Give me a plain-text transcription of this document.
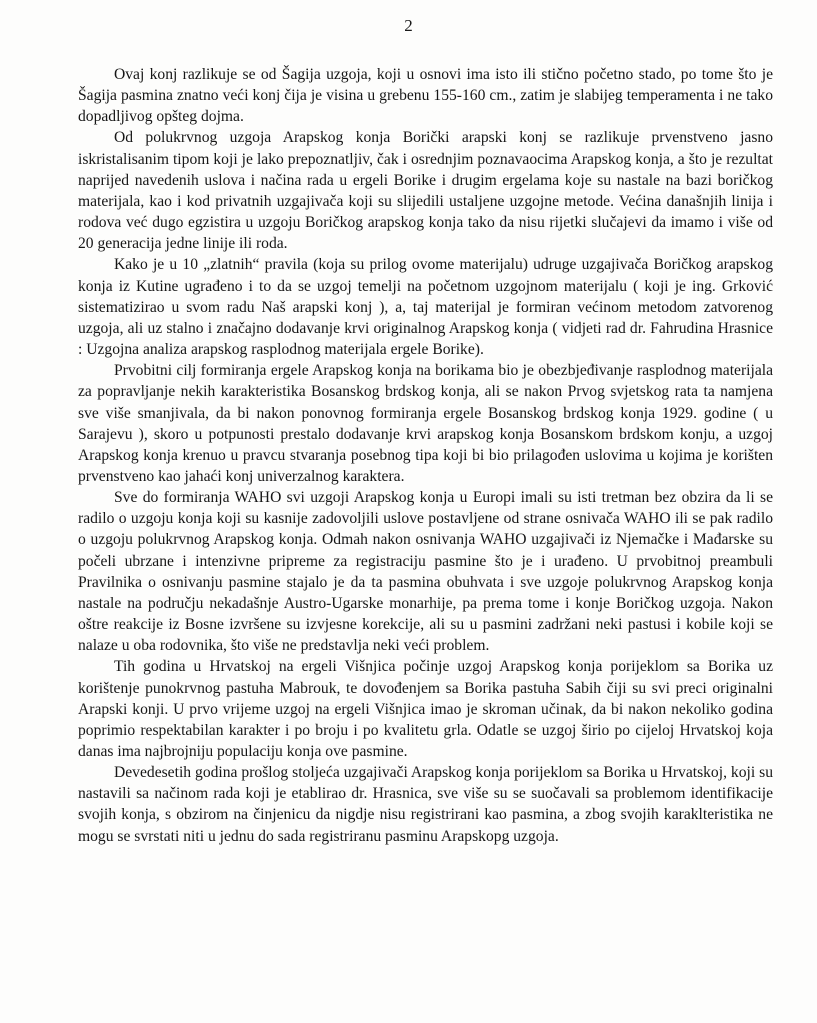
2

Ovaj konj razlikuje se od Šagija uzgoja, koji u osnovi ima isto ili stično početno stado, po tome što je Šagija pasmina znatno veći konj čija je visina u grebenu 155-160 cm., zatim je slabijeg temperamenta i ne tako dopadljivog opšteg dojma.

Od polukrvnog uzgoja Arapskog konja Borički arapski konj se razlikuje prvenstveno jasno iskristalisanim tipom koji je lako prepoznatljiv, čak i osrednjim poznavaocima Arapskog konja, a što je rezultat naprijed navedenih uslova i načina rada u ergeli Borike i drugim ergelama koje su nastale na bazi boričkog materijala, kao i kod privatnih uzgajivača koji su slijedili ustaljene uzgojne metode. Većina današnjih linija i rodova već dugo egzistira u uzgoju Boričkog arapskog konja tako da nisu rijetki slučajevi da imamo i više od 20 generacija jedne linije ili roda.

Kako je u 10 „zlatnih“ pravila (koja su prilog ovome materijalu) udruge uzgajivača Boričkog arapskog konja iz Kutine ugrađeno i to da se uzgoj temelji na početnom uzgojnom materijalu ( koji je ing. Grković sistematizirao u svom radu Naš arapski konj ), a, taj materijal je formiran većinom metodom zatvorenog uzgoja, ali uz stalno i značajno dodavanje krvi originalnog Arapskog konja ( vidjeti rad dr. Fahrudina Hrasnice : Uzgojna analiza arapskog rasplodnog materijala ergele Borike).

Prvobitni cilj formiranja ergele Arapskog konja na borikama bio je obezbjeđivanje rasplodnog materijala za popravljanje nekih karakteristika Bosanskog brdskog konja, ali se nakon Prvog svjetskog rata ta namjena sve više smanjivala, da bi nakon ponovnog formiranja ergele Bosanskog brdskog konja 1929. godine ( u Sarajevu ), skoro u potpunosti prestalo dodavanje krvi arapskog konja Bosanskom brdskom konju, a uzgoj Arapskog konja krenuo u pravcu stvaranja posebnog tipa koji bi bio prilagođen uslovima u kojima je korišten prvenstveno kao jahaći konj univerzalnog karaktera.

Sve do formiranja WAHO svi uzgoji Arapskog konja u Europi imali su isti tretman bez obzira da li se radilo o uzgoju konja koji su kasnije zadovoljili uslove postavljene od strane osnivača WAHO ili se pak radilo o uzgoju polukrvnog Arapskog konja. Odmah nakon osnivanja WAHO uzgajivači iz Njemačke i Mađarske su počeli ubrzane i intenzivne pripreme za registraciju pasmine što je i urađeno. U prvobitnoj preambuli Pravilnika o osnivanju pasmine stajalo je da ta pasmina obuhvata i sve uzgoje polukrvnog Arapskog konja nastale na području nekadašnje Austro-Ugarske monarhije, pa prema tome i konje Boričkog uzgoja. Nakon oštre reakcije iz Bosne izvršene su izvjesne korekcije, ali su u pasmini zadržani neki pastusi i kobile koji se nalaze u oba rodovnika, što više ne predstavlja neki veći problem.

Tih godina u Hrvatskoj na ergeli Višnjica počinje uzgoj Arapskog konja porijeklom sa Borika uz korištenje punokrvnog pastuha Mabrouk, te dovođenjem sa Borika pastuha Sabih čiji su svi preci originalni Arapski konji. U prvo vrijeme uzgoj na ergeli Višnjica imao je skroman učinak, da bi nakon nekoliko godina poprimio respektabilan karakter i po broju i po kvalitetu grla. Odatle se uzgoj širio po cijeloj Hrvatskoj koja danas ima najbrojniju populaciju konja ove pasmine.

Devedesetih godina prošlog stoljeća uzgajivači Arapskog konja porijeklom sa Borika u Hrvatskoj, koji su nastavili sa načinom rada koji je etablirao dr. Hrasnica, sve više su se suočavali sa problemom identifikacije svojih konja, s obzirom na činjenicu da nigdje nisu registrirani kao pasmina, a zbog svojih karaklteristika ne mogu se svrstati niti u jednu do sada registriranu pasminu Arapskopg uzgoja.
